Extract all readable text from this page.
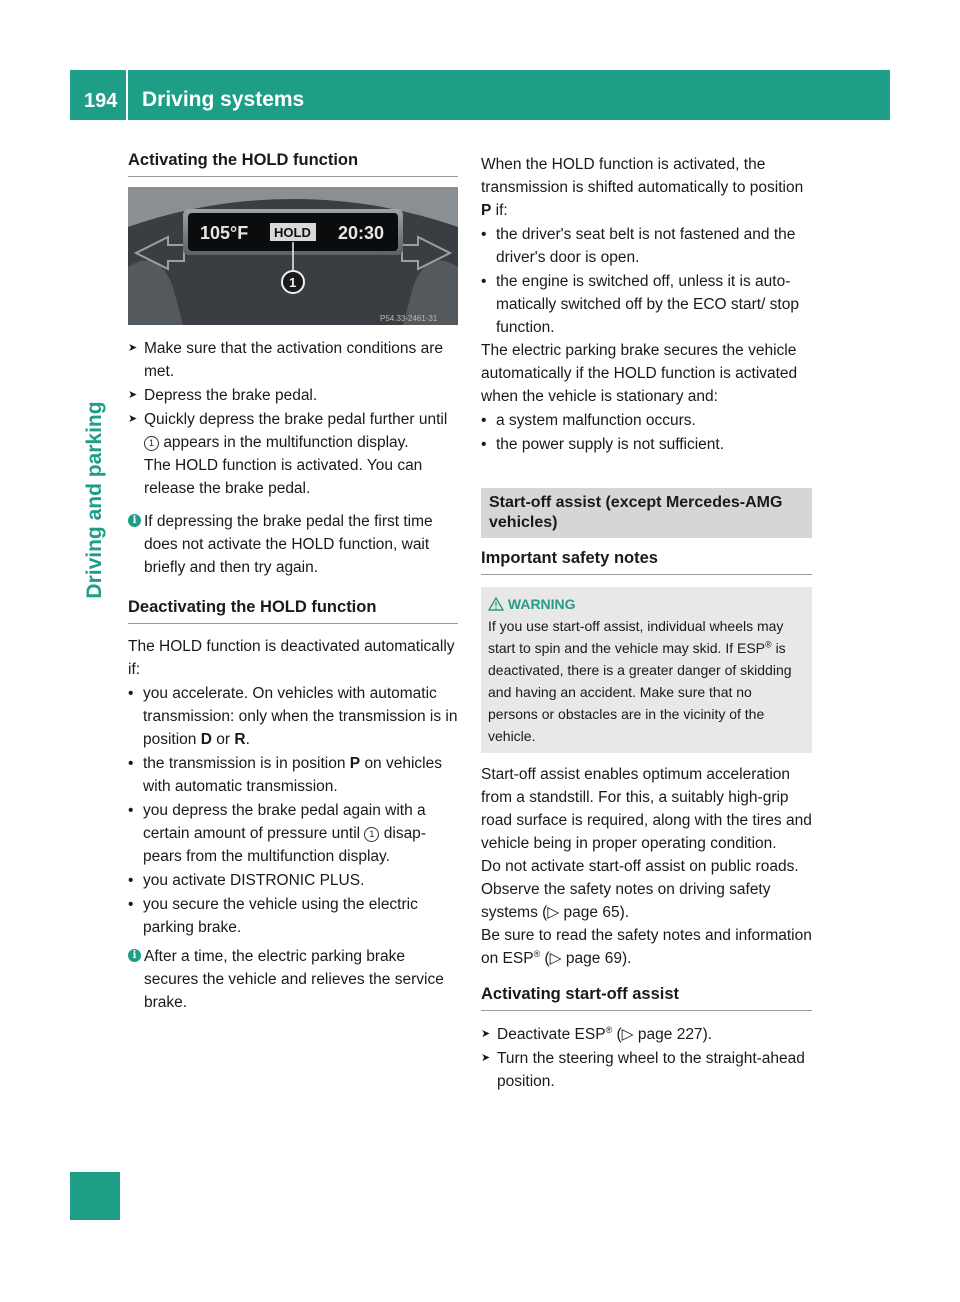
194 Driving systems
Driving and parking
Activating the HOLD function
105°F HOLD 20:30
1
P54.33-2461-31
➤ Make sure that the activation conditions are met.
➤ Depress the brake pedal.
➤ Quickly depress the brake pedal further until 1 appears in the multifunction display.
The HOLD function is activated. You can release the brake pedal.
i If depressing the brake pedal the first time does not activate the HOLD function, wait briefly and then try again.
Deactivating the HOLD function

The HOLD function is deactivated automatically if:

• you accelerate. On vehicles with automatic transmission: only when the transmission is in position D or R.
• the transmission is in position P on vehicles with automatic transmission.
• you depress the brake pedal again with a certain amount of pressure until 1 disappears from the multifunction display.
• you activate DISTRONIC PLUS.
• you secure the vehicle using the electric parking brake.
i After a time, the electric parking brake secures the vehicle and relieves the service brake.

When the HOLD function is activated, the transmission is shifted automatically to position P if:

• the driver's seat belt is not fastened and the driver's door is open.
• the engine is switched off, unless it is automatically switched off by the ECO start/ stop function.

The electric parking brake secures the vehicle automatically if the HOLD function is activated when the vehicle is stationary and:

• a system malfunction occurs.
• the power supply is not sufficient.
Start-off assist (except Mercedes-AMG vehicles)
Important safety notes
WARNING
If you use start-off assist, individual wheels may start to spin and the vehicle may skid. If ESP® is deactivated, there is a greater danger of skidding and having an accident. Make sure that no persons or obstacles are in the vicinity of the vehicle.

Start-off assist enables optimum acceleration from a standstill. For this, a suitably high-grip road surface is required, along with the tires and vehicle being in proper operating condition.

Do not activate start-off assist on public roads.

Observe the safety notes on driving safety systems (▷ page 65).

Be sure to read the safety notes and information on ESP® (▷ page 69).

Activating start-off assist
➤ Deactivate ESP® (▷ page 227).
➤ Turn the steering wheel to the straight-ahead position.
